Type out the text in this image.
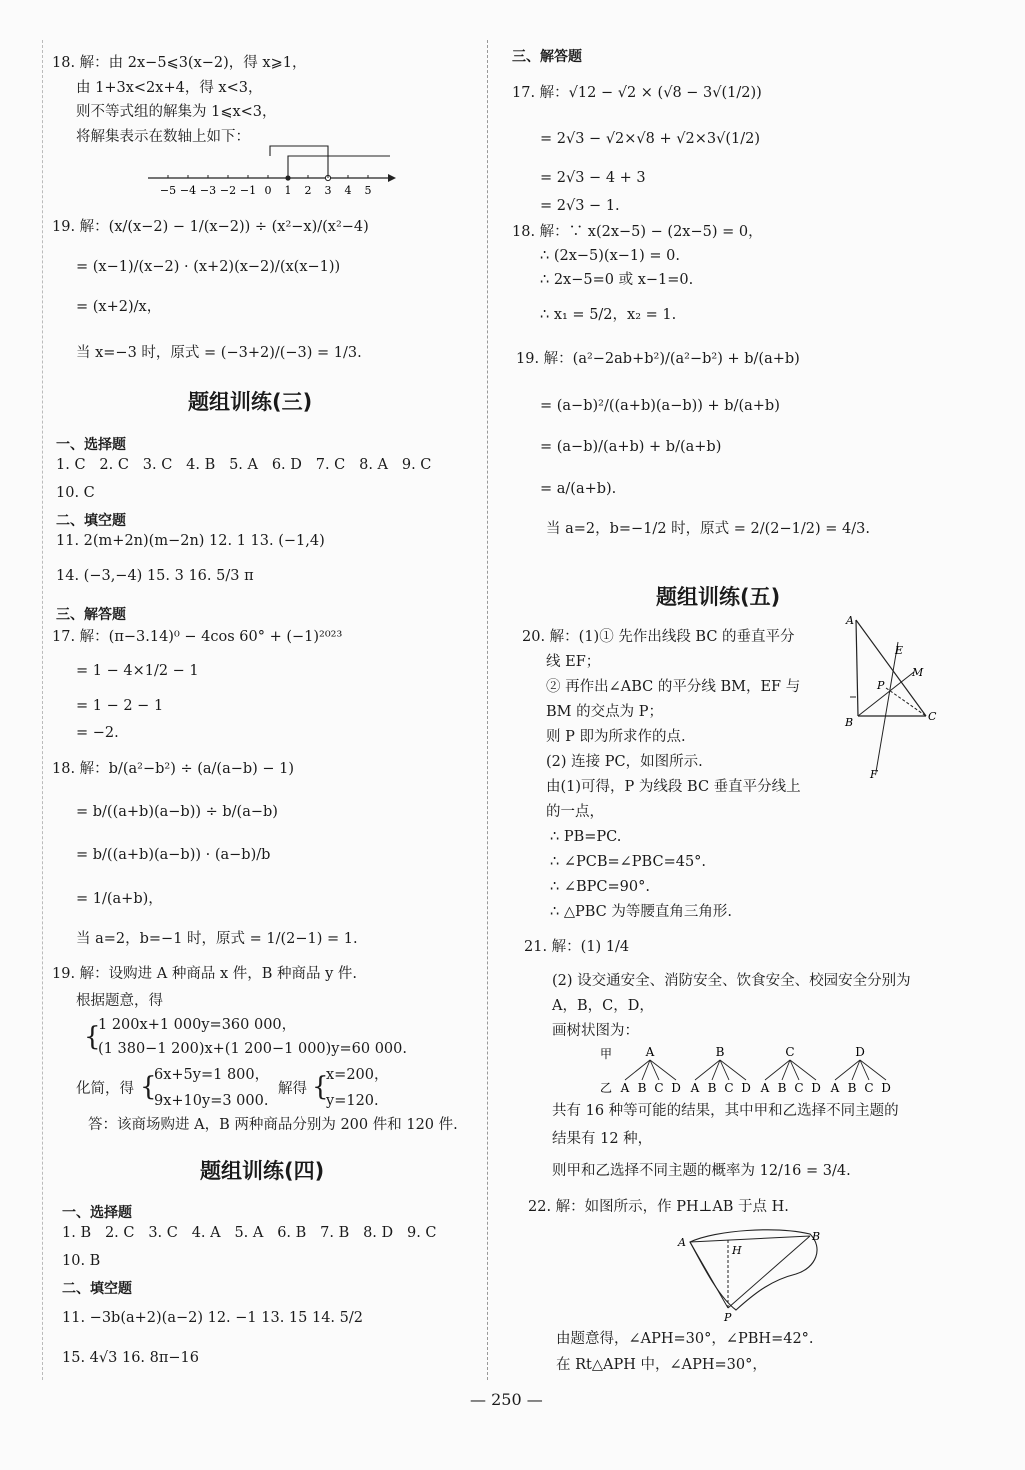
18. 解：由 2x−5⩽3(x−2)，得 x⩾1，
由 1+3x<2x+4，得 x<3，
则不等式组的解集为 1⩽x<3，
将解集表示在数轴上如下：
−5 −4 −3 −2 −1 0 1 2 3 4 5
19. 解：(x/(x−2) − 1/(x−2)) ÷ (x²−x)/(x²−4)
= (x−1)/(x−2) · (x+2)(x−2)/(x(x−1))
= (x+2)/x，
当 x=−3 时，原式 = (−3+2)/(−3) = 1/3.
题组训练(三)
一、选择题
1. C 2. C 3. C 4. B 5. A 6. D 7. C 8. A 9. C
10. C
二、填空题
11. 2(m+2n)(m−2n) 12. 1 13. (−1,4)
14. (−3,−4) 15. 3 16. 5/3 π
三、解答题
17. 解：(π−3.14)⁰ − 4cos 60° + (−1)²⁰²³
= 1 − 4×1/2 − 1
= 1 − 2 − 1
= −2.
18. 解：b/(a²−b²) ÷ (a/(a−b) − 1)
= b/((a+b)(a−b)) ÷ b/(a−b)
= b/((a+b)(a−b)) · (a−b)/b
= 1/(a+b)，
当 a=2，b=−1 时，原式 = 1/(2−1) = 1.
19. 解：设购进 A 种商品 x 件，B 种商品 y 件.
根据题意，得
{
1 200x+1 000y=360 000，
(1 380−1 200)x+(1 200−1 000)y=60 000.
化简，得 {
6x+5y=1 800，
9x+10y=3 000.
解得 {
x=200，
y=120.
答：该商场购进 A，B 两种商品分别为 200 件和 120 件.
题组训练(四)
一、选择题
1. B 2. C 3. C 4. A 5. A 6. B 7. B 8. D 9. C
10. B
二、填空题
11. −3b(a+2)(a−2) 12. −1 13. 15 14. 5/2
15. 4√3 16. 8π−16
三、解答题
17. 解：√12 − √2 × (√8 − 3√(1/2))
= 2√3 − √2×√8 + √2×3√(1/2)
= 2√3 − 4 + 3
= 2√3 − 1.
18. 解：∵ x(2x−5) − (2x−5) = 0，
∴ (2x−5)(x−1) = 0.
∴ 2x−5=0 或 x−1=0.
∴ x₁ = 5/2，x₂ = 1.
19. 解：(a²−2ab+b²)/(a²−b²) + b/(a+b)
= (a−b)²/((a+b)(a−b)) + b/(a+b)
= (a−b)/(a+b) + b/(a+b)
= a/(a+b).
当 a=2，b=−1/2 时，原式 = 2/(2−1/2) = 4/3.
题组训练(五)
20. 解：(1)① 先作出线段 BC 的垂直平分
线 EF；
② 再作出∠ABC 的平分线 BM，EF 与
BM 的交点为 P；
则 P 即为所求作的点.
(2) 连接 PC，如图所示.
由(1)可得，P 为线段 BC 垂直平分线上
的一点，
∴ PB=PC.
∴ ∠PCB=∠PBC=45°.
∴ ∠BPC=90°.
∴ △PBC 为等腰直角三角形.
A
E
M
P
B	C
F
21. 解：(1) 1/4
(2) 设交通安全、消防安全、饮食安全、校园安全分别为
A，B，C，D，
画树状图为：
甲
乙
A
A B C D
B
A B C D
C
A B C D
D
A B C D
共有 16 种等可能的结果，其中甲和乙选择不同主题的
结果有 12 种，
则甲和乙选择不同主题的概率为 12/16 = 3/4.
22. 解：如图所示，作 PH⊥AB 于点 H.
A
H
B
P
由题意得，∠APH=30°，∠PBH=42°.
在 Rt△APH 中，∠APH=30°，
— 250 —
